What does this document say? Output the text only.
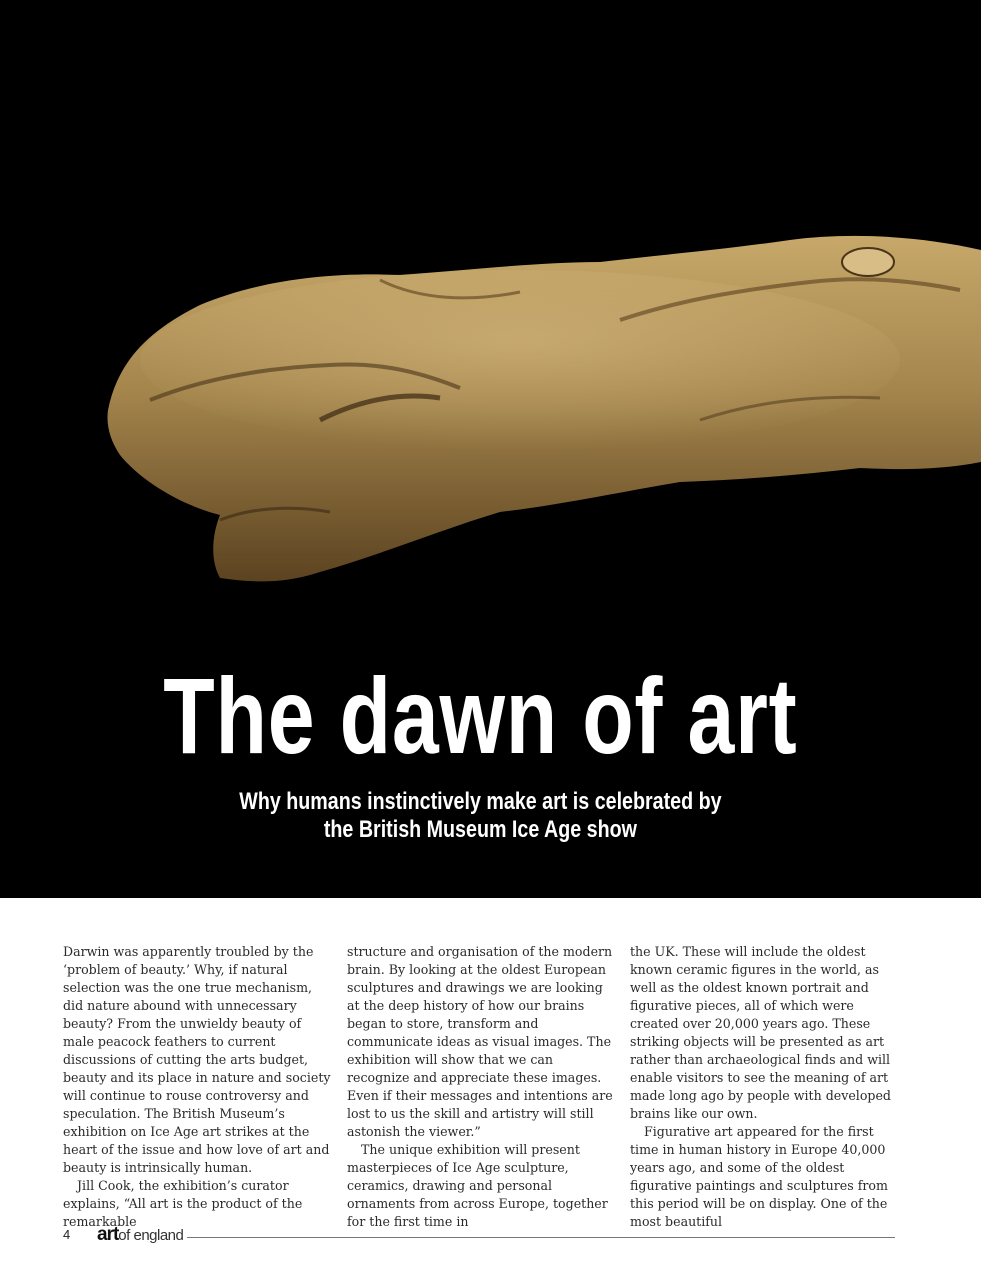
The dawn of art
Why humans instinctively make art is celebrated by
the British Museum Ice Age show

Darwin was apparently troubled by the ‘problem of beauty.’ Why, if natural selection was the one true mechanism, did nature abound with unnecessary beauty? From the unwieldy beauty of male peacock feathers to current discussions of cutting the arts budget, beauty and its place in nature and society will continue to rouse controversy and speculation. The British Museum’s exhibition on Ice Age art strikes at the heart of the issue and how love of art and beauty is intrinsically human.

Jill Cook, the exhibition’s curator explains, “All art is the product of the remarkable

structure and organisation of the modern brain. By looking at the oldest European sculptures and drawings we are looking at the deep history of how our brains began to store, transform and communicate ideas as visual images. The exhibition will show that we can recognize and appreciate these images. Even if their messages and intentions are lost to us the skill and artistry will still astonish the viewer.”

The unique exhibition will present masterpieces of Ice Age sculpture, ceramics, drawing and personal ornaments from across Europe, together for the first time in

the UK. These will include the oldest known ceramic figures in the world, as well as the oldest known portrait and figurative pieces, all of which were created over 20,000 years ago. These striking objects will be presented as art rather than archaeological finds and will enable visitors to see the meaning of art made long ago by people with developed brains like our own.

Figurative art appeared for the first time in human history in Europe 40,000 years ago, and some of the oldest figurative paintings and sculptures from this period will be on display. One of the most beautiful

4 artof england
